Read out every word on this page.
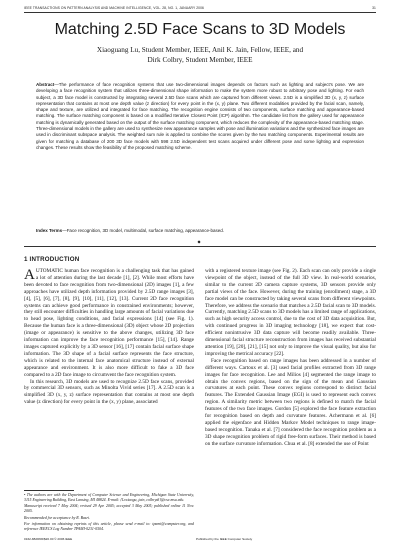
IEEE TRANSACTIONS ON PATTERN ANALYSIS AND MACHINE INTELLIGENCE, VOL. 28, NO. 1, JANUARY 2006	31
Matching 2.5D Face Scans to 3D Models
Xiaoguang Lu, Student Member, IEEE, Anil K. Jain, Fellow, IEEE, and
Dirk Colbry, Student Member, IEEE
Abstract—The performance of face recognition systems that use two-dimensional images depends on factors such as lighting and subject's pose. We are developing a face recognition system that utilizes three-dimensional shape information to make the system more robust to arbitrary pose and lighting. For each subject, a 3D face model is constructed by integrating several 2.5D face scans which are captured from different views. 2.5D is a simplified 3D (x, y, z) surface representation that contains at most one depth value (z direction) for every point in the (x, y) plane. Two different modalities provided by the facial scan, namely, shape and texture, are utilized and integrated for face matching. The recognition engine consists of two components, surface matching and appearance-based matching. The surface matching component is based on a modified Iterative Closest Point (ICP) algorithm. The candidate list from the gallery used for appearance matching is dynamically generated based on the output of the surface matching component, which reduces the complexity of the appearance-based matching stage. Three-dimensional models in the gallery are used to synthesize new appearance samples with pose and illumination variations and the synthesized face images are used in discriminant subspace analysis. The weighted sum rule is applied to combine the scores given by the two matching components. Experimental results are given for matching a database of 200 3D face models with 598 2.5D independent test scans acquired under different pose and some lighting and expression changes. These results show the feasibility of the proposed matching scheme.
Index Terms—Face recognition, 3D model, multimodal, surface matching, appearance-based.
◆
1 INTRODUCTION

AUTOMATIC human face recognition is a challenging task that has gained a lot of attention during the last decade [1], [2]. While most efforts have been devoted to face recognition from two-dimensional (2D) images [1], a few approaches have utilized depth information provided by 2.5D range images [3], [4], [5], [6], [7], [8], [9], [10], [11], [12], [13]. Current 2D face recognition systems can achieve good performance in constrained environments; however, they still encounter difficulties in handling large amounts of facial variations due to head pose, lighting conditions, and facial expressions [14] (see Fig. 1). Because the human face is a three-dimensional (3D) object whose 2D projection (image or appearance) is sensitive to the above changes, utilizing 3D face information can improve the face recognition performance [15], [14]. Range images captured explicitly by a 3D sensor [16], [17] contain facial surface shape information. The 3D shape of a facial surface represents the face structure, which is related to the internal face anatomical structure instead of external appearance and environment. It is also more difficult to fake a 3D face compared to a 2D face image to circumvent the face recognition system.

In this research, 3D models are used to recognize 2.5D face scans, provided by commercial 3D sensors, such as Minolta Vivid series [17]. A 2.5D scan is a simplified 3D (x, y, z) surface representation that contains at most one depth value (z direction) for every point in the (x, y) plane, associated

with a registered texture image (see Fig. 2). Each scan can only provide a single viewpoint of the object, instead of the full 3D view. In real-world scenarios, similar to the current 2D camera capture systems, 3D sensors provide only partial views of the face. However, during the training (enrollment) stage, a 3D face model can be constructed by taking several scans from different viewpoints. Therefore, we address the scenario that matches a 2.5D facial scan to 3D models. Currently, matching 2.5D scans to 3D models has a limited range of applications, such as high security access control, due to the cost of 3D data acquisition. But, with continued progress in 3D imaging technology [18], we expect that cost-efficient nonintrusive 3D data capture will become readily available. Three-dimensional facial structure reconstruction from images has received substantial attention [19], [20], [21], [15] not only to improve the visual quality, but also for improving the metrical accuracy [22].

Face recognition based on range images has been addressed in a number of different ways. Cartoux et al. [3] used facial profiles extracted from 3D range images for face recognition. Lee and Milios [4] segmented the range image to obtain the convex regions, based on the sign of the mean and Gaussian curvatures at each point. These convex regions correspond to distinct facial features. The Extended Gaussian Image (EGI) is used to represent each convex region. A similarity metric between two regions is defined to match the facial features of the two face images. Gordon [5] explored the face feature extraction for recognition based on depth and curvature features. Achermann et al. [6] applied the eigenface and Hidden Markov Model techniques to range image-based recognition. Tanaka et al. [7] considered the face recognition problem as a 3D shape recognition problem of rigid free-form surfaces. Their method is based on the surface curvature information. Chua et al. [8] extended the use of Point

• The authors are with the Department of Computer Science and Engineering, Michigan State University, 3115 Engineering Building, East Lansing, MI 48824. E-mail: {Lvxiaogu, jain, colbrydi}@cse.msu.edu.

Manuscript received 7 May 2004; revised 29 Apr. 2005; accepted 3 May 2005; published online 11 Nov. 2005.

Recommended for acceptance by R. Basri.

For information on obtaining reprints of this article, please send e-mail to: tpami@computer.org, and reference IEEECS Log Number TPAMI-0231-0504.

0162-8828/06/$20.00 © 2006 IEEE	Published by the IEEE Computer Society
